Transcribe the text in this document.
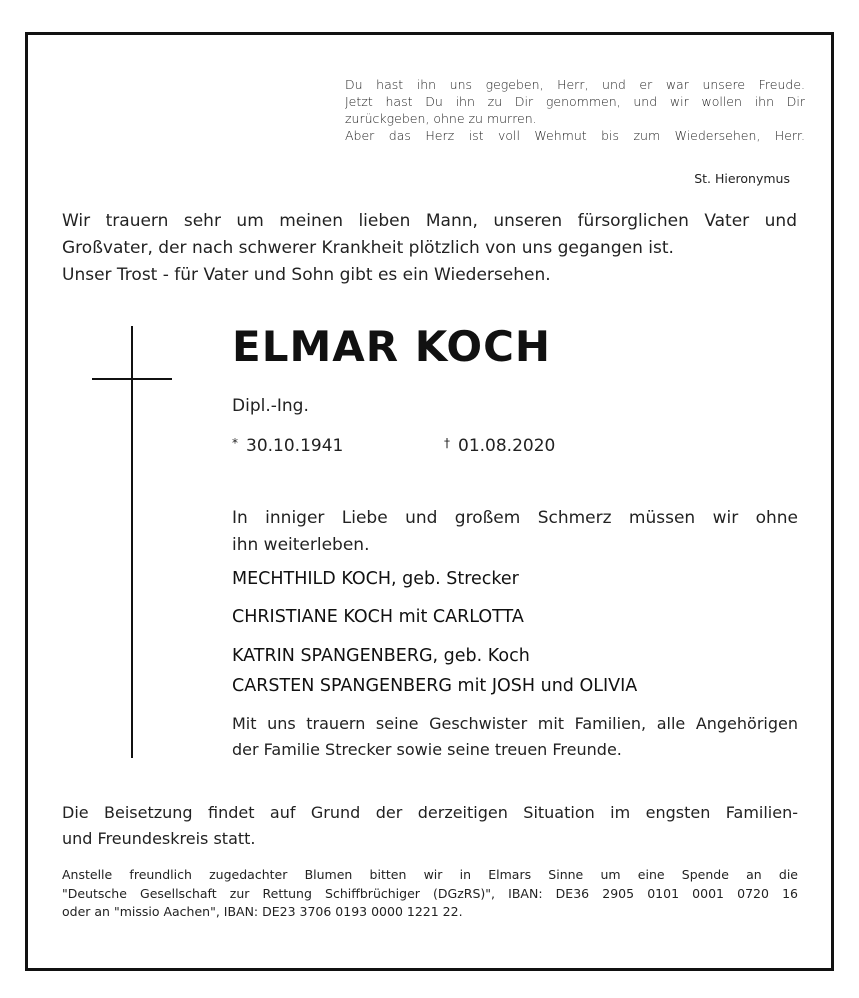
Du hast ihn uns gegeben, Herr, und er war unsere Freude.
Jetzt hast Du ihn zu Dir genommen, und wir wollen ihn Dir
zurückgeben, ohne zu murren.
Aber das Herz ist voll Wehmut bis zum Wiedersehen, Herr.
St. Hieronymus
Wir trauern sehr um meinen lieben Mann, unseren fürsorglichen Vater und
Großvater, der nach schwerer Krankheit plötzlich von uns gegangen ist.
Unser Trost - für Vater und Sohn gibt es ein Wiedersehen.
ELMAR KOCH
Dipl.-Ing.
* 30.10.1941	† 01.08.2020
In inniger Liebe und großem Schmerz müssen wir ohne
ihn weiterleben.
MECHTHILD KOCH, geb. Strecker
CHRISTIANE KOCH mit CARLOTTA
KATRIN SPANGENBERG, geb. Koch
CARSTEN SPANGENBERG mit JOSH und OLIVIA
Mit uns trauern seine Geschwister mit Familien, alle Angehörigen
der Familie Strecker sowie seine treuen Freunde.
Die Beisetzung findet auf Grund der derzeitigen Situation im engsten Familien-
und Freundeskreis statt.
Anstelle freundlich zugedachter Blumen bitten wir in Elmars Sinne um eine Spende an die
"Deutsche Gesellschaft zur Rettung Schiffbrüchiger (DGzRS)", IBAN: DE36 2905 0101 0001 0720 16
oder an "missio Aachen", IBAN: DE23 3706 0193 0000 1221 22.
